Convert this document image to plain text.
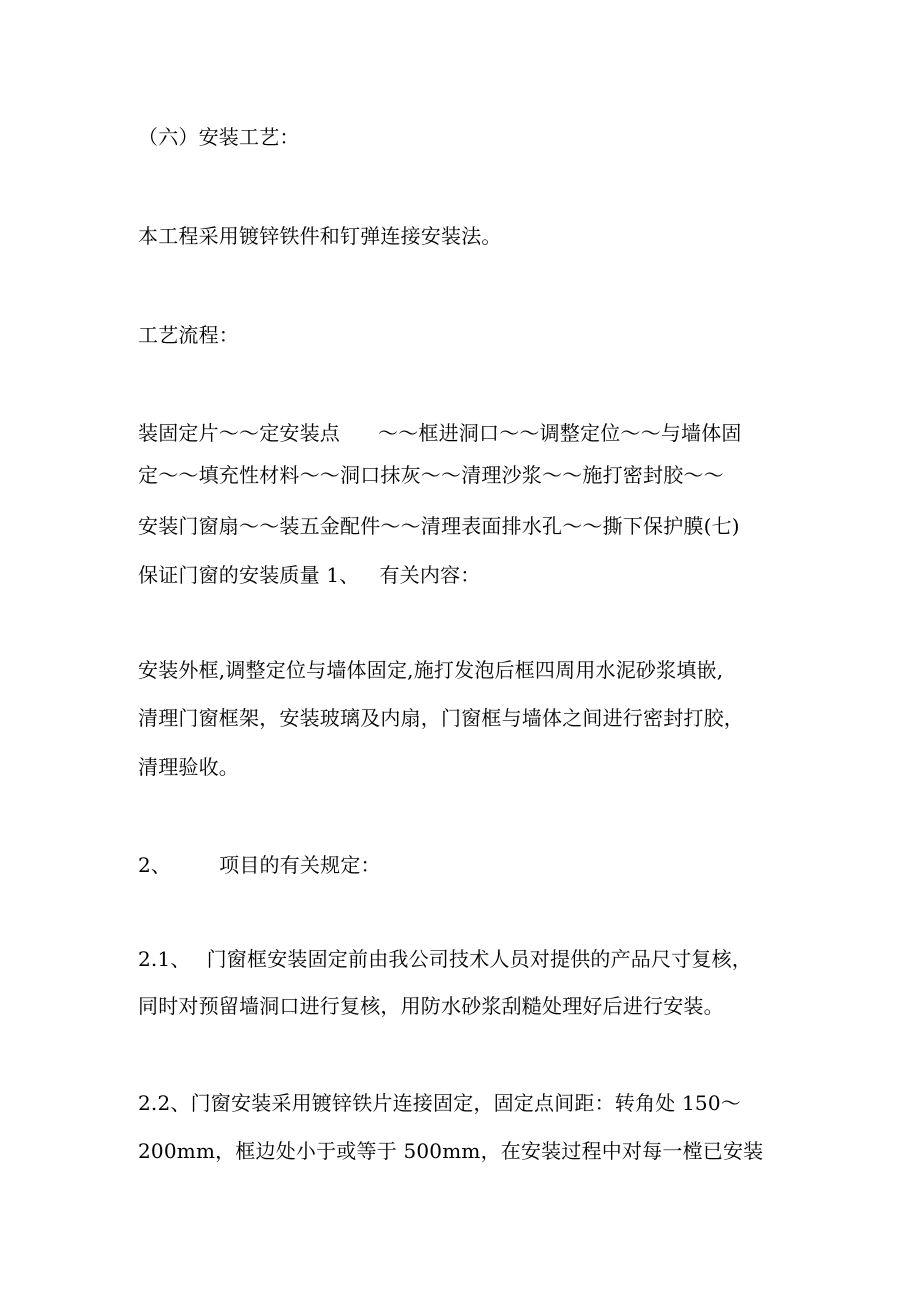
（六）安装工艺：
本工程采用镀锌铁件和钉弹连接安装法。
工艺流程：
装固定片～～定安装点 ～～框进洞口～～调整定位～～与墙体固
定～～填充性材料～～洞口抹灰～～清理沙浆～～施打密封胶～～
安装门窗扇～～装五金配件～～清理表面排水孔～～撕下保护膜(七)
保证门窗的安装质量 1、 有关内容：
安装外框,调整定位与墙体固定,施打发泡后框四周用水泥砂浆填嵌,
清理门窗框架，安装玻璃及内扇，门窗框与墙体之间进行密封打胶，
清理验收。
2、 项目的有关规定：
2.1、 门窗框安装固定前由我公司技术人员对提供的产品尺寸复核，
同时对预留墙洞口进行复核，用防水砂浆刮糙处理好后进行安装。
2.2、门窗安装采用镀锌铁片连接固定，固定点间距：转角处 150～
200mm，框边处小于或等于 500mm，在安装过程中对每一樘已安装
